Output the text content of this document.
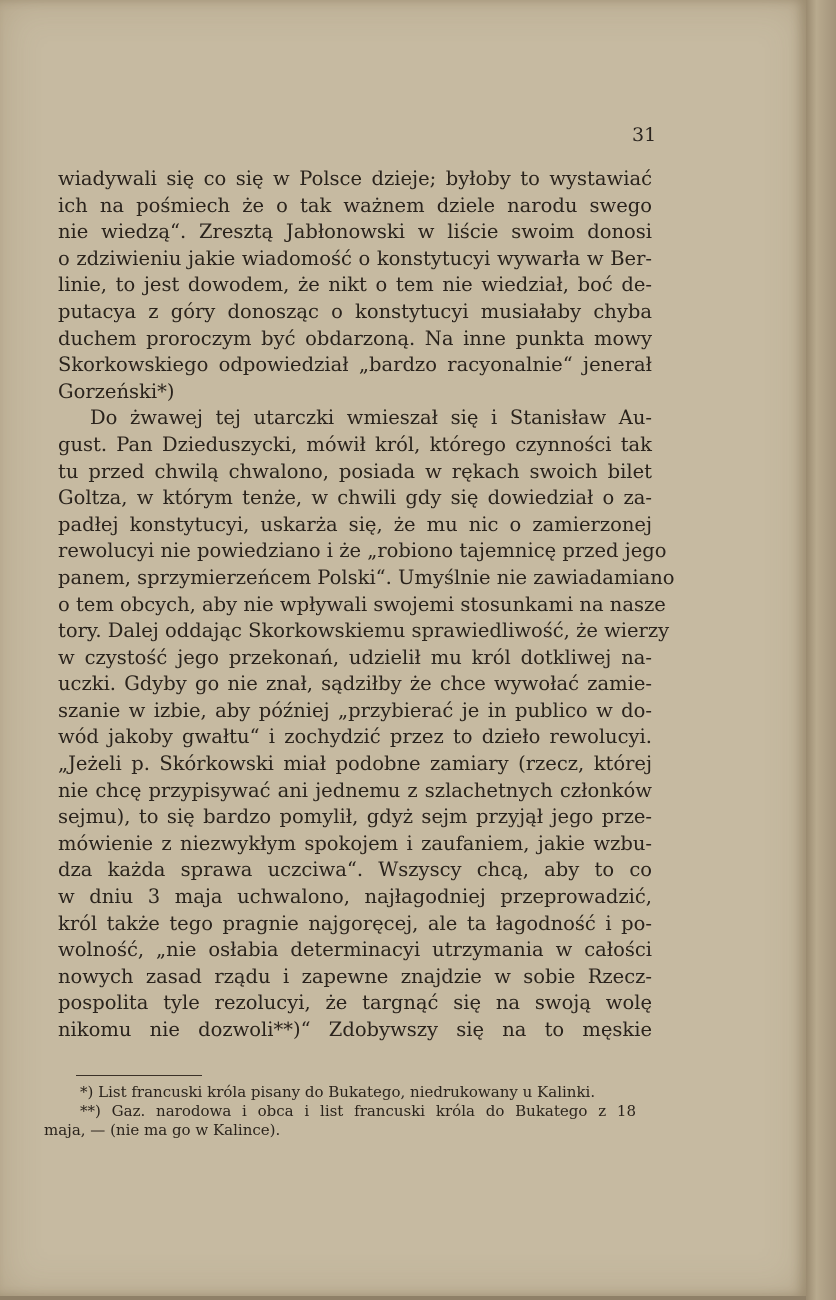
31
wiadywali się co się w Polsce dzieje; byłoby to wystawiać
ich na pośmiech że o tak ważnem dziele narodu swego
nie wiedzą“. Zresztą Jabłonowski w liście swoim donosi
o zdziwieniu jakie wiadomość o konstytucyi wywarła w Ber-
linie, to jest dowodem, że nikt o tem nie wiedział, boć de-
putacya z góry donosząc o konstytucyi musiałaby chyba
duchem proroczym być obdarzoną. Na inne punkta mowy
Skorkowskiego odpowiedział „bardzo racyonalnie“ jenerał
Gorzeński*)
Do żwawej tej utarczki wmieszał się i Stanisław Au-
gust. Pan Dzieduszycki, mówił król, którego czynności tak
tu przed chwilą chwalono, posiada w rękach swoich bilet
Goltza, w którym tenże, w chwili gdy się dowiedział o za-
padłej konstytucyi, uskarża się, że mu nic o zamierzonej
rewolucyi nie powiedziano i że „robiono tajemnicę przed jego
panem, sprzymierzeńcem Polski“. Umyślnie nie zawiadamiano
o tem obcych, aby nie wpływali swojemi stosunkami na nasze
tory. Dalej oddając Skorkowskiemu sprawiedliwość, że wierzy
w czystość jego przekonań, udzielił mu król dotkliwej na-
uczki. Gdyby go nie znał, sądziłby że chce wywołać zamie-
szanie w izbie, aby później „przybierać je in publico w do-
wód jakoby gwałtu“ i zochydzić przez to dzieło rewolucyi.
„Jeżeli p. Skórkowski miał podobne zamiary (rzecz, której
nie chcę przypisywać ani jednemu z szlachetnych członków
sejmu), to się bardzo pomylił, gdyż sejm przyjął jego prze-
mówienie z niezwykłym spokojem i zaufaniem, jakie wzbu-
dza każda sprawa uczciwa“. Wszyscy chcą, aby to co
w dniu 3 maja uchwalono, najłagodniej przeprowadzić,
król także tego pragnie najgoręcej, ale ta łagodność i po-
wolność, „nie osłabia determinacyi utrzymania w całości
nowych zasad rządu i zapewne znajdzie w sobie Rzecz-
pospolita tyle rezolucyi, że targnąć się na swoją wolę
nikomu nie dozwoli**)“ Zdobywszy się na to męskie
*) List francuski króla pisany do Bukatego, niedrukowany u Kalinki.
**) Gaz. narodowa i obca i list francuski króla do Bukatego z 18
maja, — (nie ma go w Kalince).
